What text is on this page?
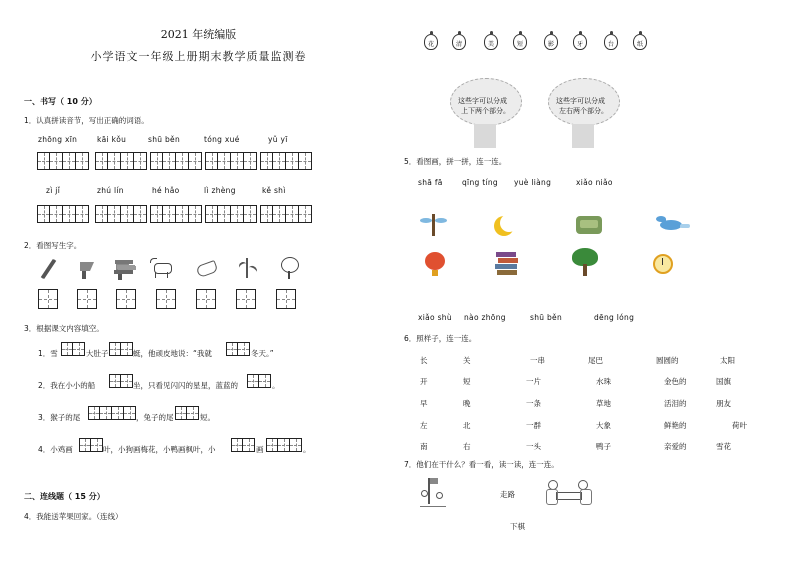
2021 年统编版
小学语文一年级上册期末教学质量监测卷
一、书写（ 10 分）
1．认真拼读音节，写出正确的词语。
zhōng xīn	kāi kǒu	shū běn	tóng xué	yǔ yī
zì jǐ	zhú lín	hé hǎo	lì zhèng	kě shì
2．看图写生字。
3．根据课文内容填空。
1．雪	大肚子	蜓，他顽皮地说：“我就	冬天。”
2．我在小小的船	坐，只看见闪闪的星星，蓝蓝的	。
3．猴子的尾	，兔子的尾	短。
4．小鸡画	叶，小狗画梅花，小鸭画枫叶，小	画	。
二、连线题（ 15 分）
4．我能送苹果回家。（连线）
花	清	美	短	影	牙	台	纸
这些字可以分成
上下两个部分。
这些字可以分成
左右两个部分。
5．看图画，拼一拼，连一连。
shā fā	qīng tíng yuè liàng	xiǎo niǎo
xiǎo shù nào zhōng	shū běn	dēng lóng
6．照样子，连一连。
长	关	一串	尾巴	圆圆的	太阳
开	短	一片	水珠	金色的	国旗
早	晚	一条	草地	活泪的	朋友
左	北	一群	大象	鲜艳的	荷叶
南	右	一头	鸭子	亲爱的	雪花
7．他们在干什么？看一看，读一读，连一连。
走路
下棋
